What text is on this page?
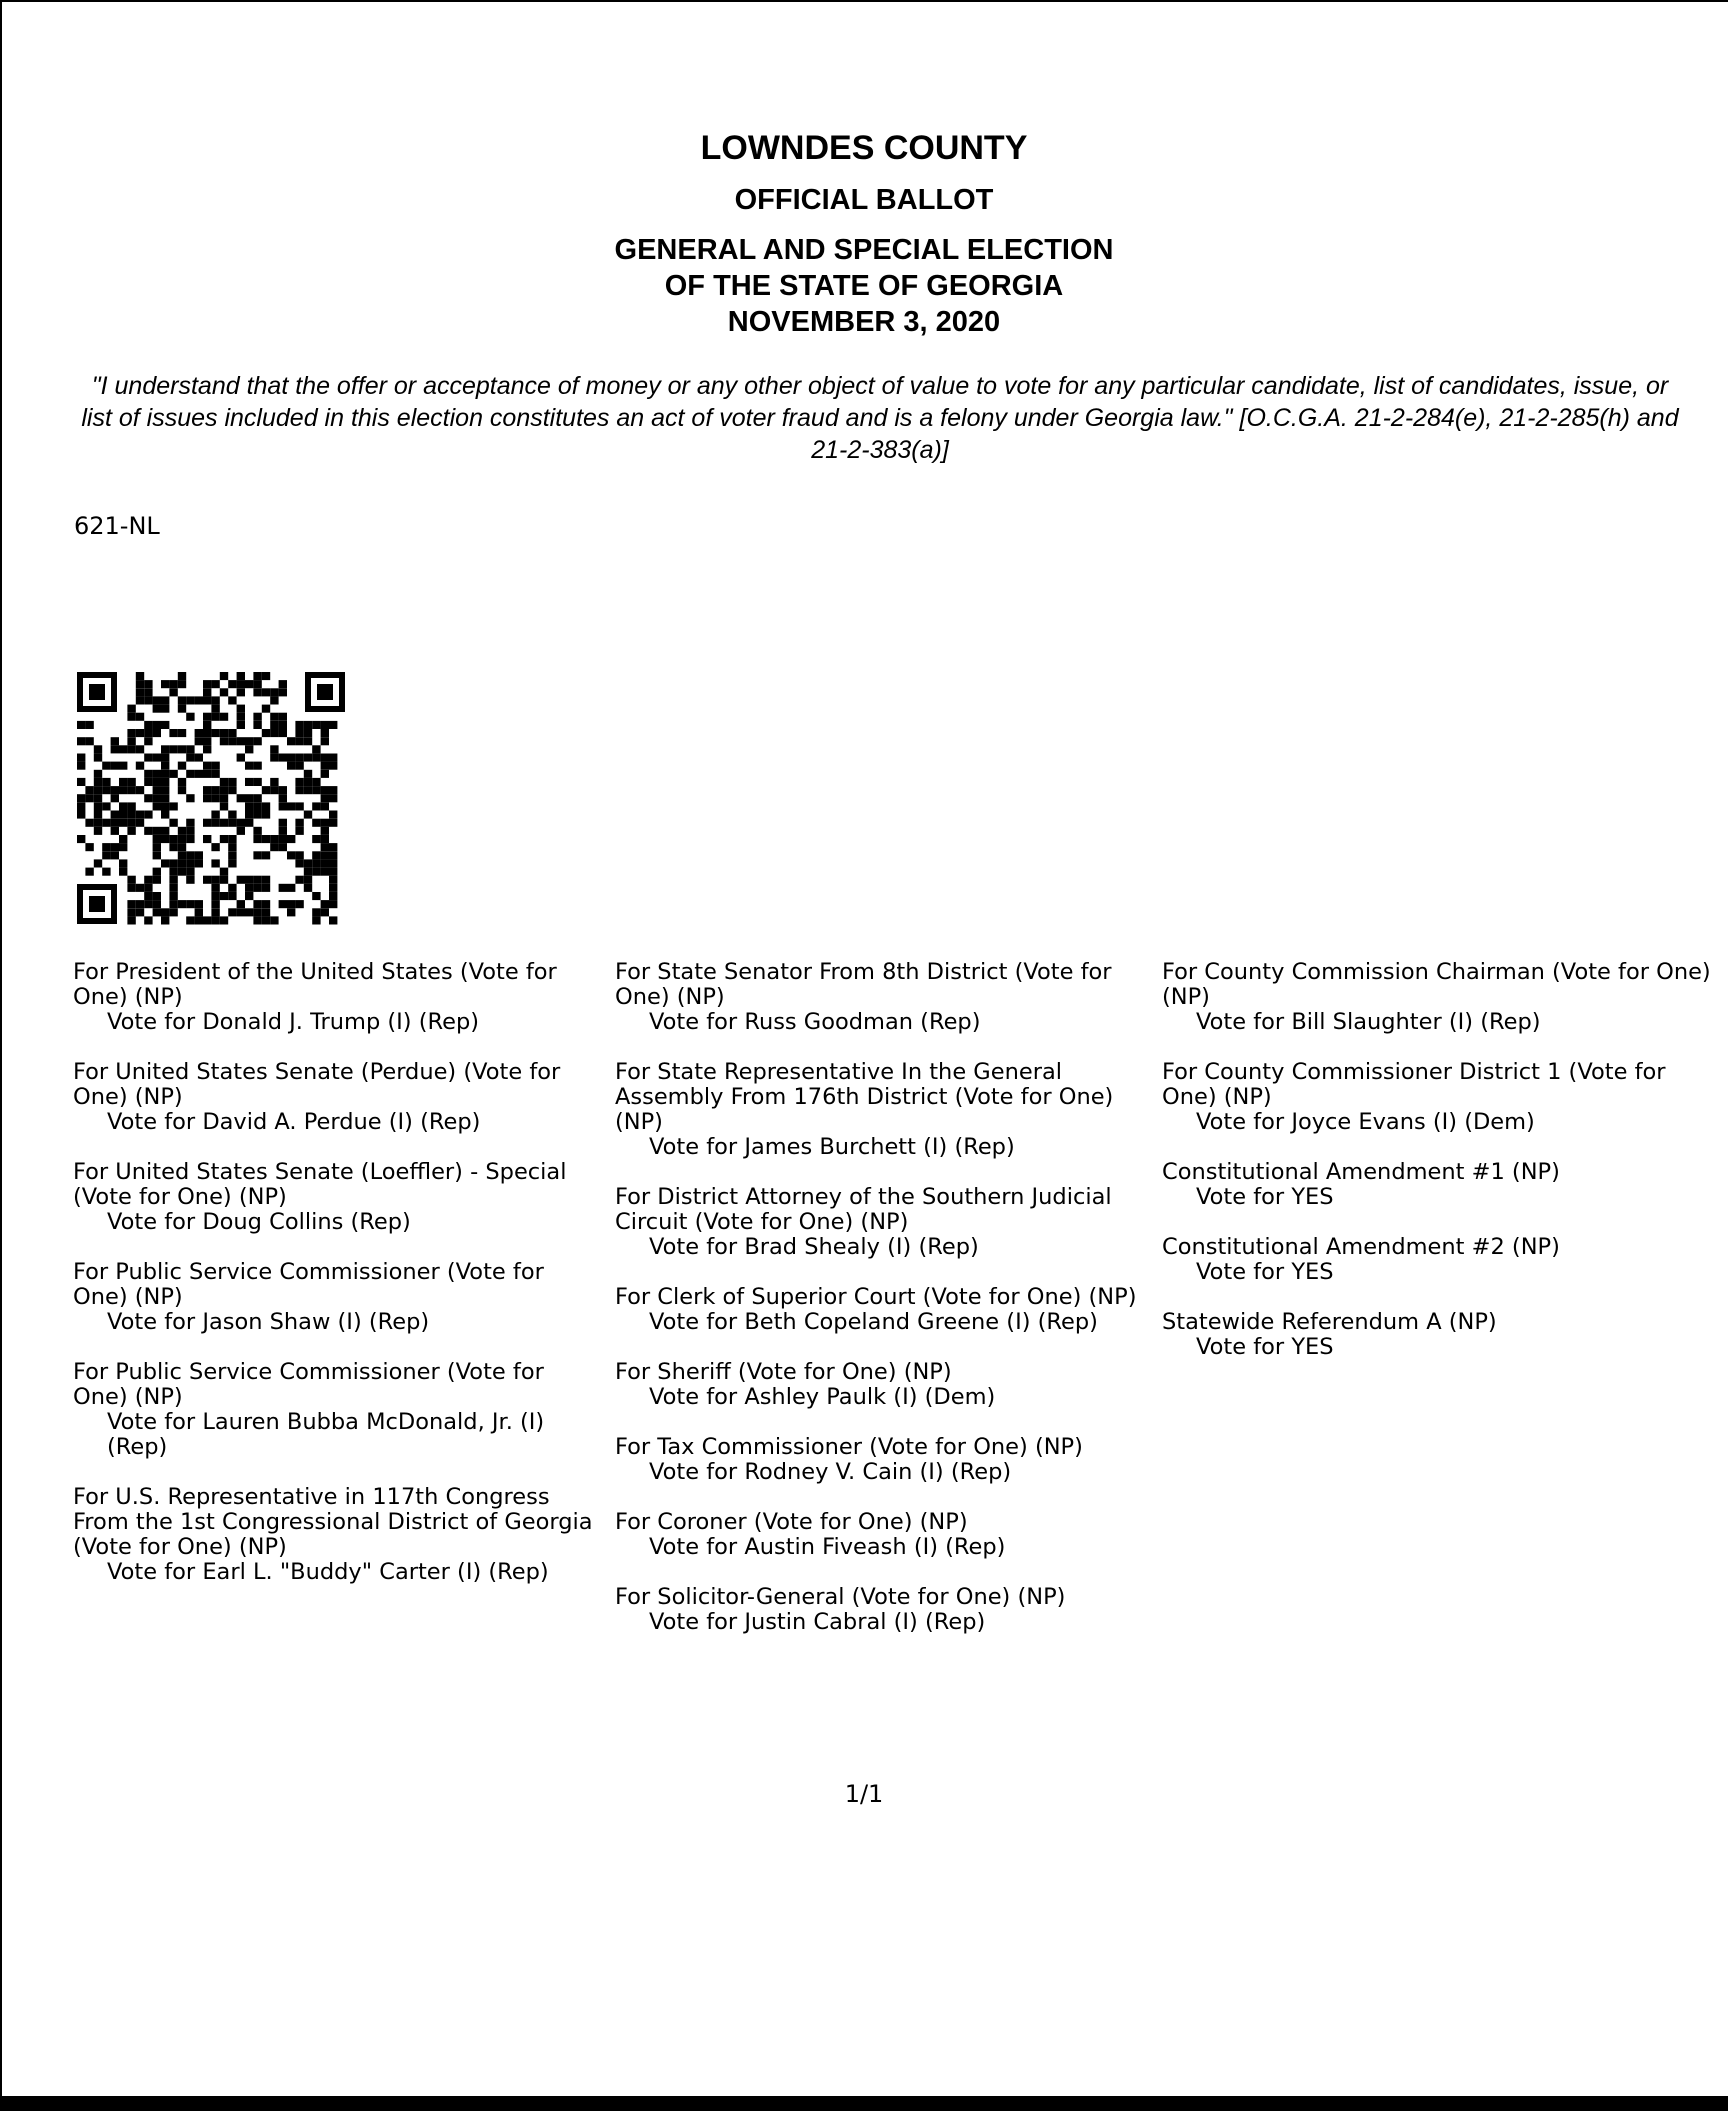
LOWNDES COUNTY
OFFICIAL BALLOT
GENERAL AND SPECIAL ELECTION
OF THE STATE OF GEORGIA
NOVEMBER 3, 2020
"I understand that the offer or acceptance of money or any other object of value to vote for any particular candidate, list of candidates, issue, or list of issues included in this election constitutes an act of voter fraud and is a felony under Georgia law." [O.C.G.A. 21-2-284(e), 21-2-285(h) and 21-2-383(a)]
621-NL
For President of the United States (Vote for One) (NP)
Vote for Donald J. Trump (I) (Rep)
For United States Senate (Perdue) (Vote for One) (NP)
Vote for David A. Perdue (I) (Rep)
For United States Senate (Loeffler) - Special (Vote for One) (NP)
Vote for Doug Collins (Rep)
For Public Service Commissioner (Vote for One) (NP)
Vote for Jason Shaw (I) (Rep)
For Public Service Commissioner (Vote for One) (NP)
Vote for Lauren Bubba McDonald, Jr. (I) (Rep)
For U.S. Representative in 117th Congress From the 1st Congressional District of Georgia (Vote for One) (NP)
Vote for Earl L. "Buddy" Carter (I) (Rep)
For State Senator From 8th District (Vote for One) (NP)
Vote for Russ Goodman (Rep)
For State Representative In the General Assembly From 176th District (Vote for One) (NP)
Vote for James Burchett (I) (Rep)
For District Attorney of the Southern Judicial Circuit (Vote for One) (NP)
Vote for Brad Shealy (I) (Rep)
For Clerk of Superior Court (Vote for One) (NP)
Vote for Beth Copeland Greene (I) (Rep)
For Sheriff (Vote for One) (NP)
Vote for Ashley Paulk (I) (Dem)
For Tax Commissioner (Vote for One) (NP)
Vote for Rodney V. Cain (I) (Rep)
For Coroner (Vote for One) (NP)
Vote for Austin Fiveash (I) (Rep)
For Solicitor-General (Vote for One) (NP)
Vote for Justin Cabral (I) (Rep)
For County Commission Chairman (Vote for One) (NP)
Vote for Bill Slaughter (I) (Rep)
For County Commissioner District 1 (Vote for One) (NP)
Vote for Joyce Evans (I) (Dem)
Constitutional Amendment #1 (NP)
Vote for YES
Constitutional Amendment #2 (NP)
Vote for YES
Statewide Referendum A (NP)
Vote for YES
1/1
